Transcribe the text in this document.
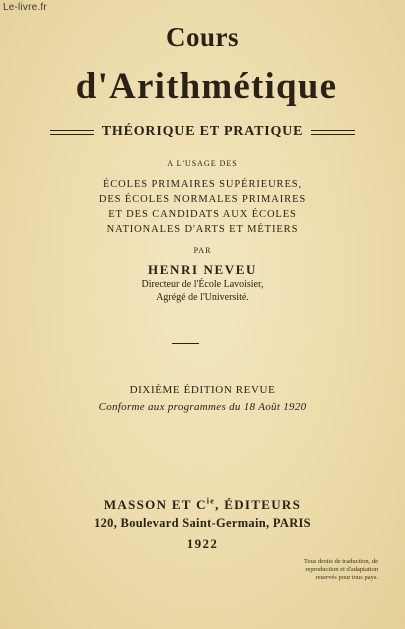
Le-livre.fr
Cours
d'Arithmétique
THÉORIQUE ET PRATIQUE
A L'USAGE DES
ÉCOLES PRIMAIRES SUPÉRIEURES,
DES ÉCOLES NORMALES PRIMAIRES
ET DES CANDIDATS AUX ÉCOLES
NATIONALES D'ARTS ET MÉTIERS
PAR
HENRI NEVEU
Directeur de l'École Lavoisier,
Agrégé de l'Université.
DIXIÈME ÉDITION REVUE
Conforme aux programmes du 18 Août 1920
MASSON ET $C^{ie}$, ÉDITEURS
120, Boulevard Saint-Germain, PARIS
1922
Tous droits de traduction, de
reproduction et d'adaptation
reservés pour tous pays.
